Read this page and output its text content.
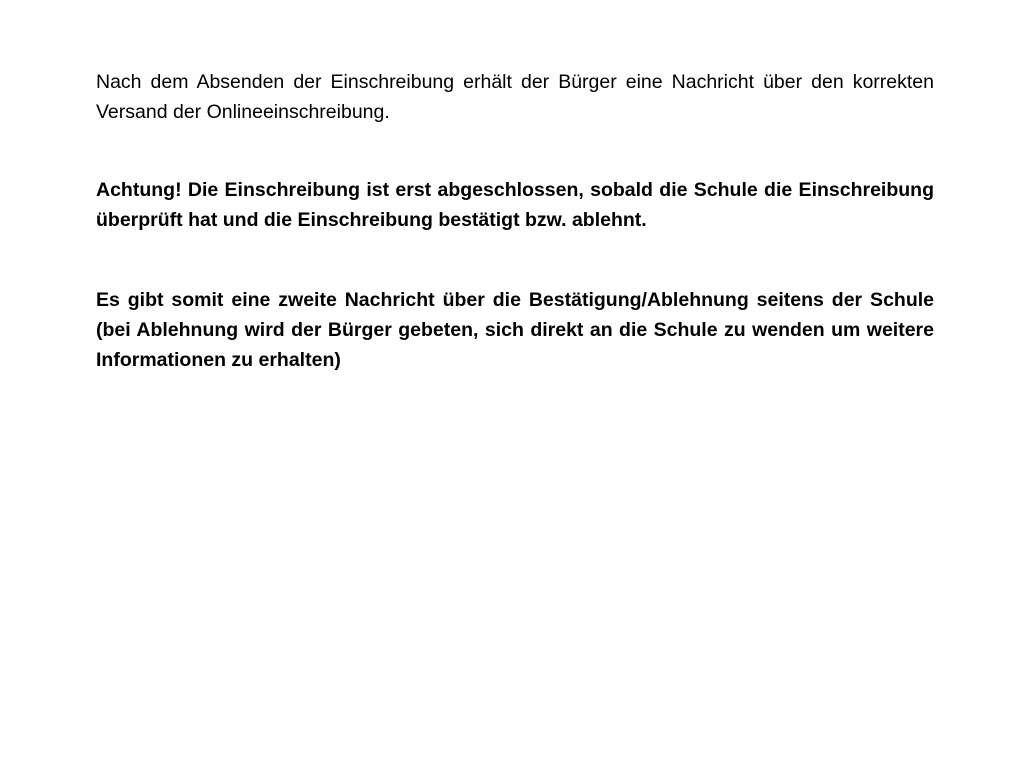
Nach dem Absenden der Einschreibung erhält der Bürger eine Nachricht über den korrekten Versand der Onlineeinschreibung.

Achtung! Die Einschreibung ist erst abgeschlossen, sobald die Schule die Einschreibung überprüft hat und die Einschreibung bestätigt bzw. ablehnt.

Es gibt somit eine zweite Nachricht über die Bestätigung/Ablehnung seitens der Schule (bei Ablehnung wird der Bürger gebeten, sich direkt an die Schule zu wenden um weitere Informationen zu erhalten)
